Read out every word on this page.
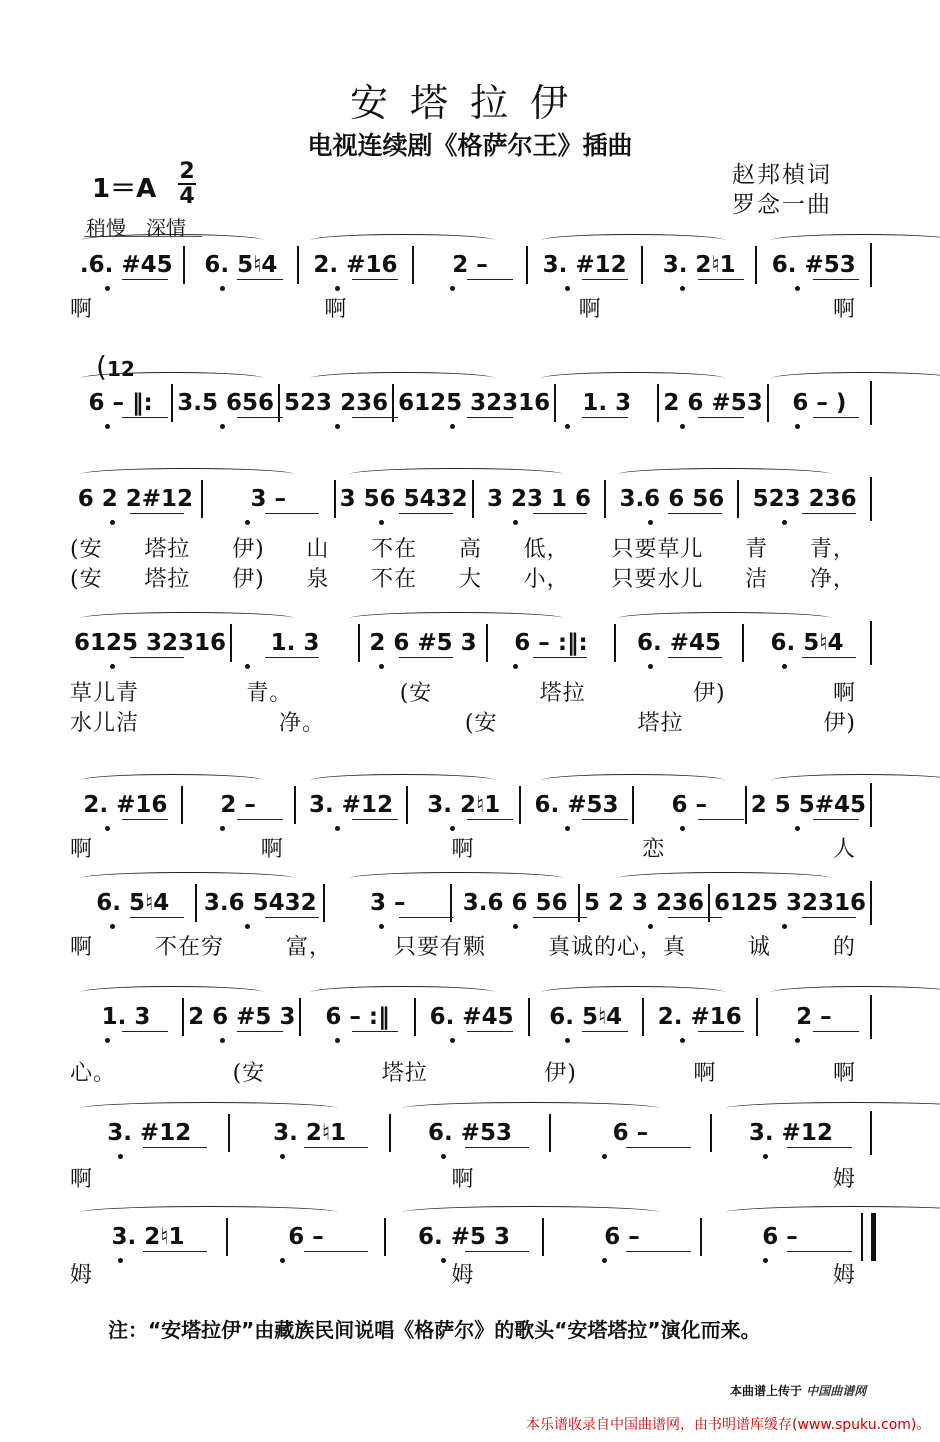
安塔拉伊
电视连续剧《格萨尔王》插曲
赵邦楨词
罗念一曲
1＝A
2
4
稍慢　深情
(12
.6. #45 6. 5♮4 2. #16 2 – 3. #12 3. 2♮1 6. #53
啊	啊	啊	啊
6 – ‖: 3.5 656 523 236 6125 32316 1. 3 2 6 #53 6 – )
6 2 2#12 3 – 3 56 5432 3 23 1 6 3.6 6 56 523 236
(安 塔拉 伊) 山 不在 高 低， 只要草儿 青 青，
(安 塔拉 伊) 泉 不在 大 小， 只要水儿 洁 净，
6125 32316 1. 3 2 6 #5 3 6 – :‖: 6. #45 6. 5♮4
草儿青	青。	(安	塔拉	伊)	啊
水儿洁	净。	(安	塔拉	伊)
2. #16 2 – 3. #12 3. 2♮1 6. #53 6 – 2 5 5#45
啊	啊	啊	恋	人
6. 5♮4 3.6 5432 3 – 3.6 6 56 5 2 3 236 6125 32316
啊	不在穷	富，	只要有颗	真诚的心，真	诚	的
1. 3 2 6 #5 3 6 – :‖ 6. #45 6. 5♮4 2. #16 2 –
心。	(安	塔拉	伊)	啊	啊
3. #12	3. 2♮1	6. #53	6 –	3. #12
啊	啊	姆
3. 2♮1	6 –	6. #5 3	6 –	6 –
姆	姆	姆
注：“安塔拉伊”由藏族民间说唱《格萨尔》的歌头“安塔塔拉”演化而来。
本曲谱上传于 中国曲谱网
本乐谱收录自中国曲谱网，由书明谱库缓存(www.spuku.com)。
